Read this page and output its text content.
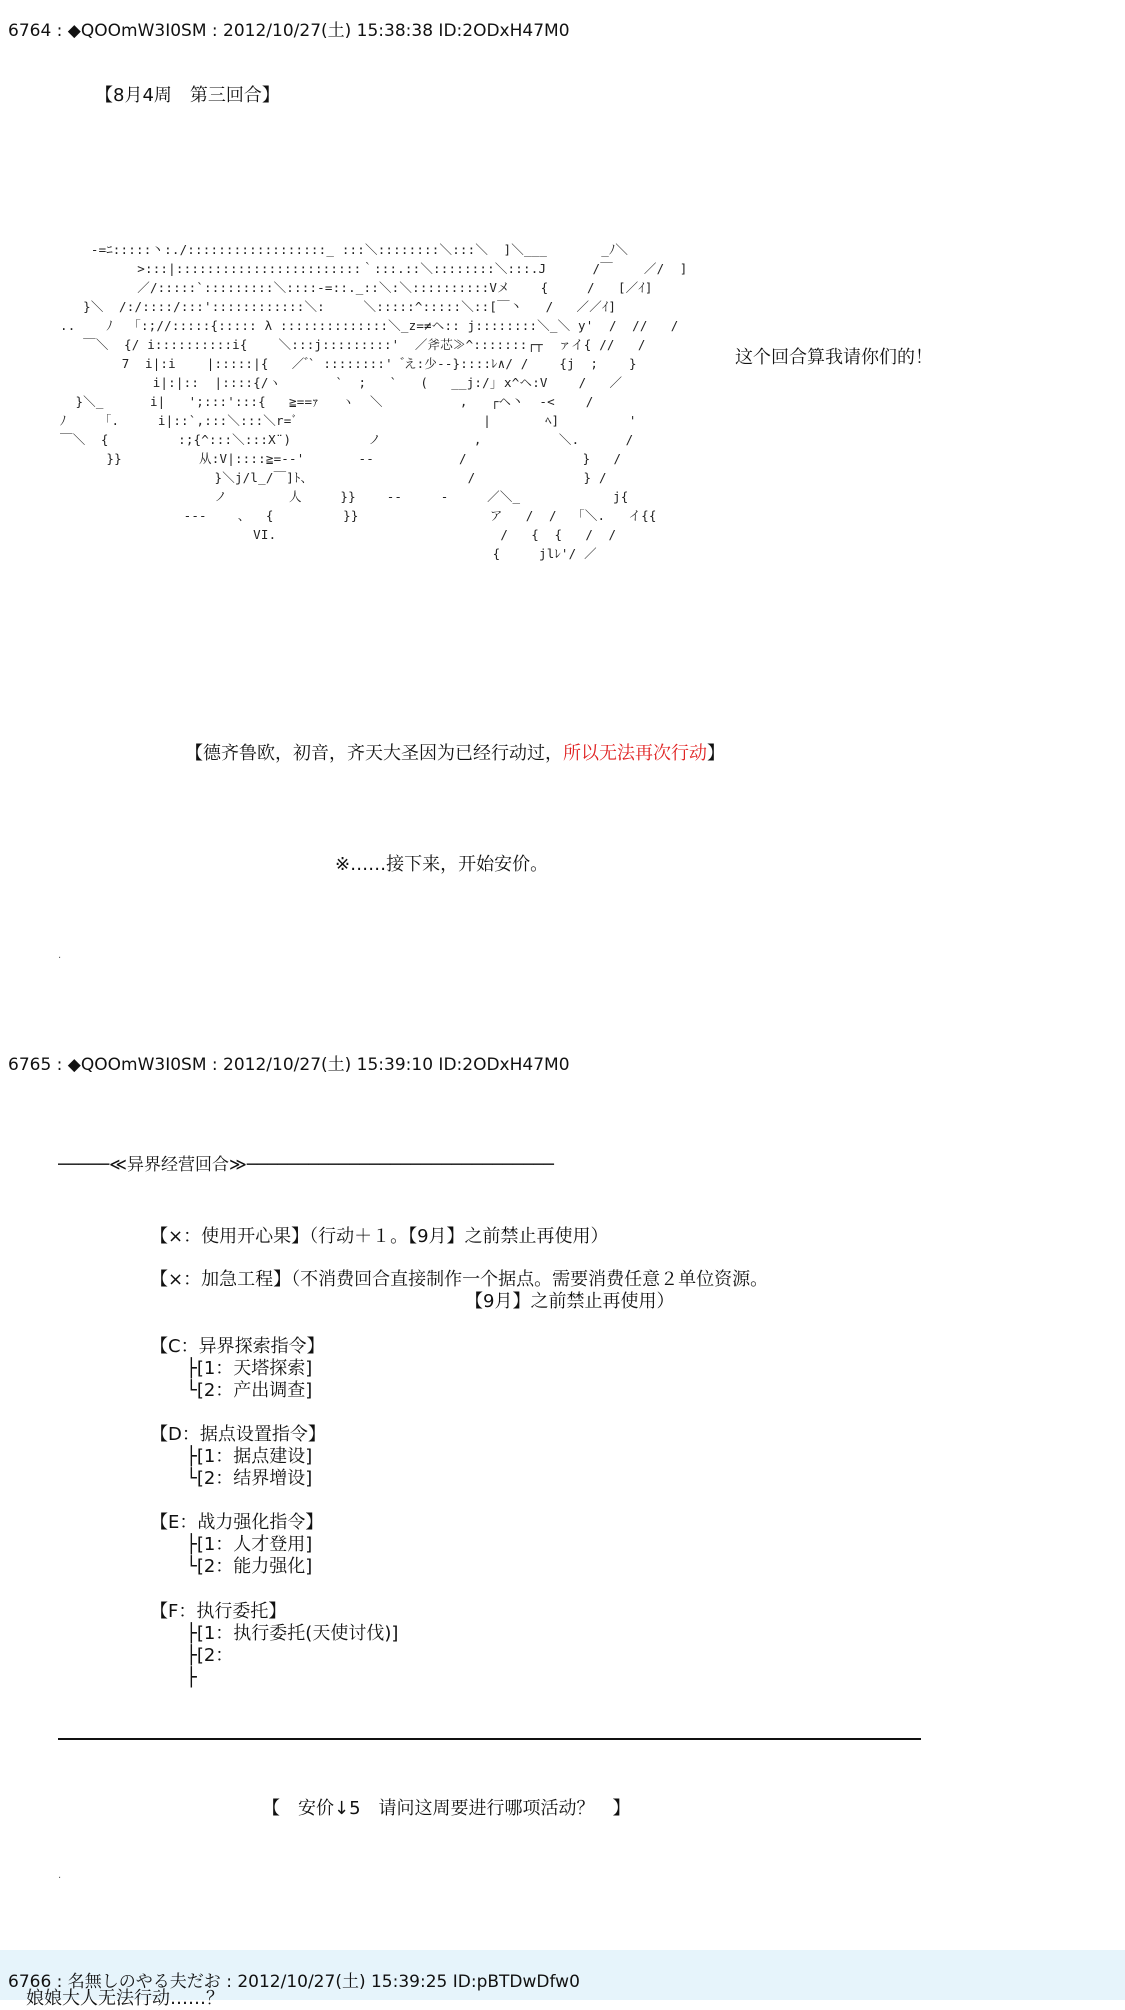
6764 : ◆QOOmW3I0SM : 2012/10/27(土) 15:38:38 ID:2ODxH47M0
【8月4周　第三回合】
-=ﾆ:::::丶:./::::::::::::::::::_ :::＼::::::::＼:::＼  ]＼___       _ﾉ＼
>:::|::::::::::::::::::::::::｀:::.::＼::::::::＼:::.J      /￣    ／/  ]
／/:::::`:::::::::＼::::-=::._::＼:＼::::::::::Vメ    {     /   [／ｲ]
}＼  /:/::::/:::'::::::::::::＼:     ＼:::::^:::::＼::[￣丶   /   ／／ｲ]
..    ﾉ  「:;//:::::{::::: λ ::::::::::::::＼_z=≠ヘ:: j::::::::＼_＼ y'  /  //   /
￣＼  {/ i::::::::::i{    ＼:::j:::::::::'  ／斧芯≫^:::::::┌┬  ァイ{ //   /
7  i|:i    |:::::|{   ／ ゙` ::::::::'  ゙え:少‐-}::::ﾚ∧/ /    {j  ;    }
i|:|::  |::::{/ヽ       `  ;   `   (   __j:/｣ x^ヘ:V    /   ／
}＼_      i|   ';:::':::{   ≧==ｧ   ヽ  ＼          ,   ┌ヘ丶  ‐<    /
ﾉ     ｢.     i|::`,:::＼:::＼r=ﾞ                        |       ﾍ]         '
￣＼  {         :;{^:::＼:::X¨)          ノ            ,          ＼.      /
}}          从:V|::::≧=-‐'       ‐‐           /               }   /
}＼j/l_/￣]ﾄ、                    /              } /
ノ        人     }}    ‐‐     -     ／＼_            j{
‐‐‐    、  {         }}                 ア   /  /  「＼.   イ{{
VI.                             /   {  {   /  /
{     jlﾚ'/ ／
这个回合算我请你们的！
【德齐鲁欧，初音，齐天大圣因为已经行动过，所以无法再次行动】
※……接下来，开始安价。
.
6765 : ◆QOOmW3I0SM : 2012/10/27(土) 15:39:10 ID:2ODxH47M0
─────≪异界经营回合≫──────────────────────────────
【×：使用开心果】（行动＋１。【9月】之前禁止再使用）
【×：加急工程】（不消费回合直接制作一个据点。需要消费任意２单位资源。
　　　　　　　　　　　　　　　　　　【9月】之前禁止再使用）
【C：异界探索指令】
　　├[1：天塔探索]
　　└[2：产出调查]
【D：据点设置指令】
　　├[1：据点建设]
　　└[2：结界增设]
【E：战力强化指令】
　　├[1：人才登用]
　　└[2：能力强化]
【F：执行委托】
　　├[1：执行委托(天使讨伐)]
　　├[2：
　　├
【　安价↓5　请问这周要进行哪项活动？　】
.
6766 : 名無しのやる夫だお : 2012/10/27(土) 15:39:25 ID:pBTDwDfw0
　娘娘大人无法行动……？
